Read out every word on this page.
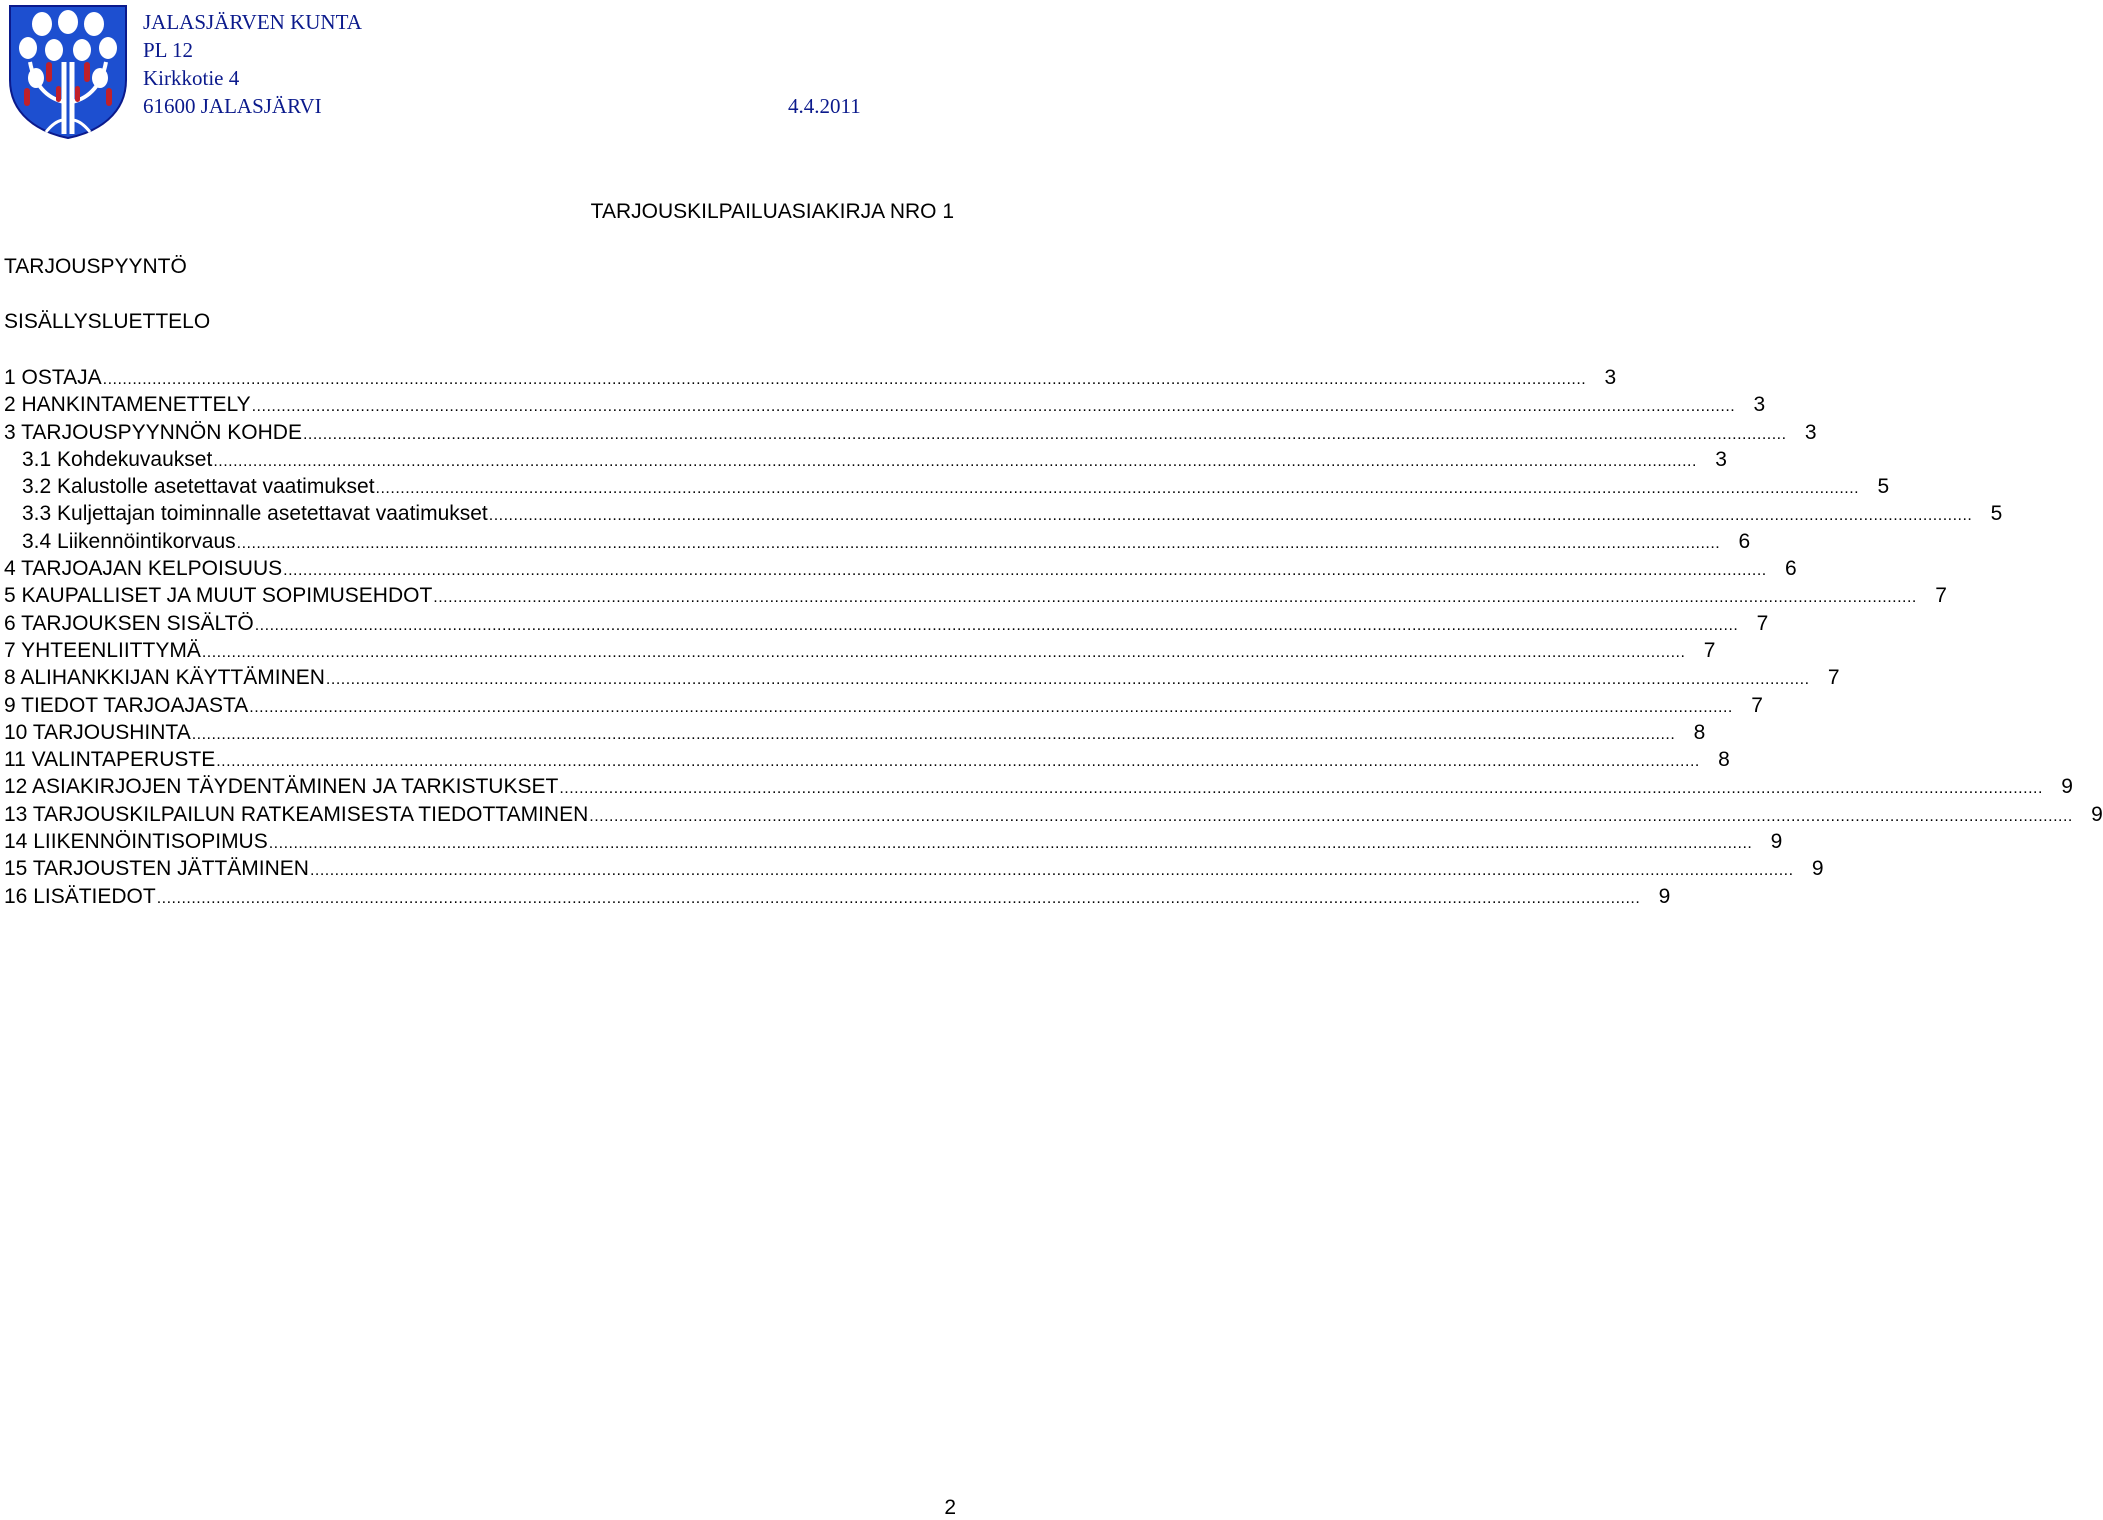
JALASJÄRVEN KUNTA
PL 12
Kirkkotie 4
61600 JALASJÄRVI	4.4.2011
TARJOUSKILPAILUASIAKIRJA NRO 1
TARJOUSPYYNTÖ
SISÄLLYSLUETTELO
1 OSTAJA ............................................................................................................................................................................................................................................................................................................ 3
2 HANKINTAMENETTELY ............................................................................................................................................................................................................................................................................................................ 3
3 TARJOUSPYYNNÖN KOHDE ............................................................................................................................................................................................................................................................................................................ 3
3.1 Kohdekuvaukset ............................................................................................................................................................................................................................................................................................................ 3
3.2 Kalustolle asetettavat vaatimukset ............................................................................................................................................................................................................................................................................................................ 5
3.3 Kuljettajan toiminnalle asetettavat vaatimukset ............................................................................................................................................................................................................................................................................................................ 5
3.4 Liikennöintikorvaus ............................................................................................................................................................................................................................................................................................................ 6
4 TARJOAJAN KELPOISUUS ............................................................................................................................................................................................................................................................................................................ 6
5 KAUPALLISET JA MUUT SOPIMUSEHDOT ............................................................................................................................................................................................................................................................................................................ 7
6 TARJOUKSEN SISÄLTÖ ............................................................................................................................................................................................................................................................................................................ 7
7 YHTEENLIITTYMÄ ............................................................................................................................................................................................................................................................................................................ 7
8 ALIHANKKIJAN KÄYTTÄMINEN ............................................................................................................................................................................................................................................................................................................ 7
9 TIEDOT TARJOAJASTA ............................................................................................................................................................................................................................................................................................................ 7
10 TARJOUSHINTA ............................................................................................................................................................................................................................................................................................................ 8
11 VALINTAPERUSTE ............................................................................................................................................................................................................................................................................................................ 8
12 ASIAKIRJOJEN TÄYDENTÄMINEN JA TARKISTUKSET ............................................................................................................................................................................................................................................................................................................ 9
13 TARJOUSKILPAILUN RATKEAMISESTA TIEDOTTAMINEN ............................................................................................................................................................................................................................................................................................................ 9
14 LIIKENNÖINTISOPIMUS ............................................................................................................................................................................................................................................................................................................ 9
15 TARJOUSTEN JÄTTÄMINEN ............................................................................................................................................................................................................................................................................................................ 9
16 LISÄTIEDOT ............................................................................................................................................................................................................................................................................................................ 9
2
